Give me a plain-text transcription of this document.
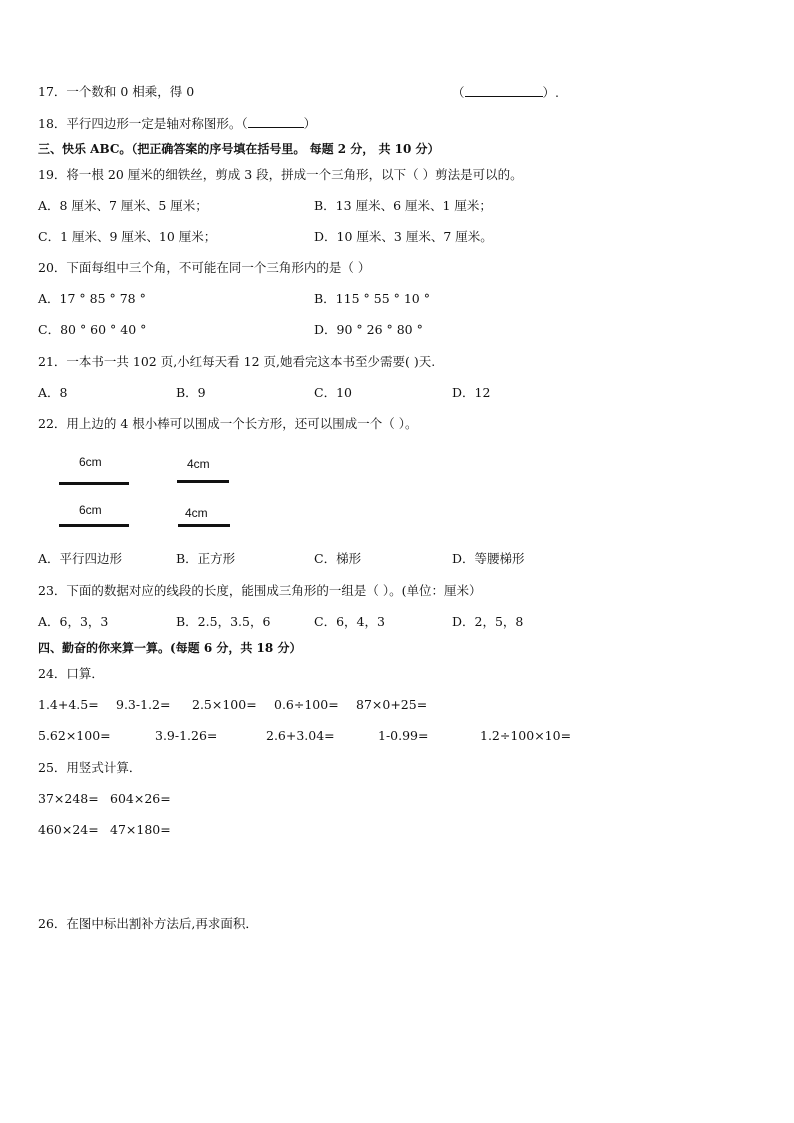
17．一个数和 0 相乘，得 0	（	）.
18．平行四边形一定是轴对称图形。（	）
三、快乐 ABC。（把正确答案的序号填在括号里。 每题 2 分， 共 10 分）
19．将一根 20 厘米的细铁丝，剪成 3 段，拼成一个三角形，以下（ ）剪法是可以的。
A．8 厘米、7 厘米、5 厘米；	B．13 厘米、6 厘米、1 厘米；
C．1 厘米、9 厘米、10 厘米；	D．10 厘米、3 厘米、7 厘米。
20．下面每组中三个角，不可能在同一个三角形内的是（ ）
A．17 ° 85 ° 78 °	B．115 ° 55 ° 10 °
C．80 ° 60 ° 40 °	D．90 ° 26 ° 80 °
21．一本书一共 102 页,小红每天看 12 页,她看完这本书至少需要( )天.
A．8	B．9	C．10	D．12
22．用上边的 4 根小棒可以围成一个长方形，还可以围成一个（ ）。
6cm
6cm
4cm
4cm
A．平行四边形	B．正方形	C．梯形	D．等腰梯形
23．下面的数据对应的线段的长度，能围成三角形的一组是（ ）。(单位：厘米）
A．6，3，3	B．2.5，3.5，6	C．6，4，3	D．2，5，8
四、勤奋的你来算一算。(每题 6 分，共 18 分）
24．口算．
1.4+4.5= 9.3-1.2= 2.5×100= 0.6÷100= 87×0+25=
5.62×100=	3.9-1.26=	2.6+3.04=	1-0.99=	1.2÷100×10=
25．用竖式计算．
37×248= 604×26=
460×24= 47×180=
26．在图中标出割补方法后,再求面积．
